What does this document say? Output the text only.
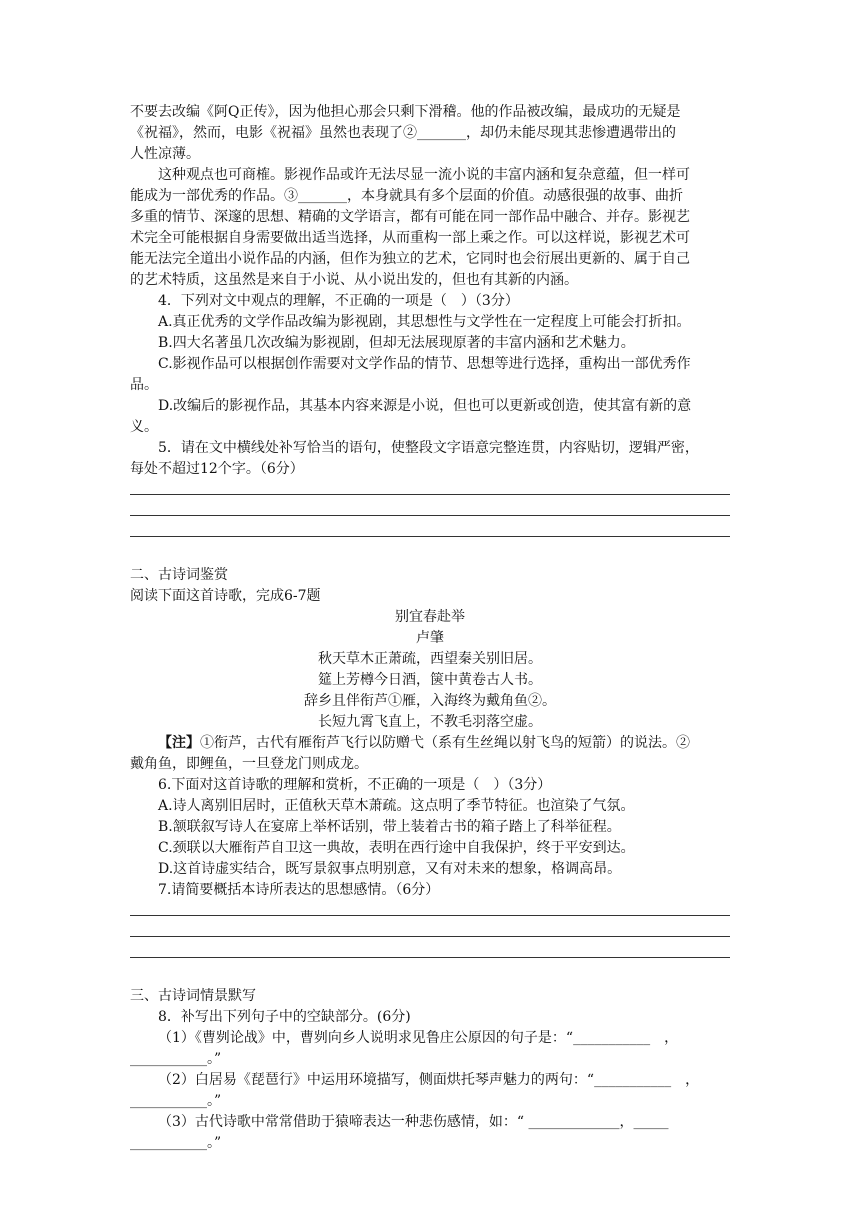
不要去改编《阿Q正传》，因为他担心那会只剩下滑稽。他的作品被改编，最成功的无疑是

《祝福》，然而，电影《祝福》虽然也表现了②_______，却仍未能尽现其悲惨遭遇带出的

人性凉薄。

这种观点也可商榷。影视作品或许无法尽显一流小说的丰富内涵和复杂意蕴，但一样可

能成为一部优秀的作品。③_______，本身就具有多个层面的价值。动感很强的故事、曲折

多重的情节、深邃的思想、精确的文学语言，都有可能在同一部作品中融合、并存。影视艺

术完全可能根据自身需要做出适当选择，从而重构一部上乘之作。可以这样说，影视艺术可

能无法完全道出小说作品的内涵，但作为独立的艺术，它同时也会衍展出更新的、属于自己

的艺术特质，这虽然是来自于小说、从小说出发的，但也有其新的内涵。

4．下列对文中观点的理解，不正确的一项是（　）（3分）

A.真正优秀的文学作品改编为影视剧，其思想性与文学性在一定程度上可能会打折扣。

B.四大名著虽几次改编为影视剧，但却无法展现原著的丰富内涵和艺术魅力。

C.影视作品可以根据创作需要对文学作品的情节、思想等进行选择，重构出一部优秀作

品。

D.改编后的影视作品，其基本内容来源是小说，但也可以更新或创造，使其富有新的意

义。

5．请在文中横线处补写恰当的语句，使整段文字语意完整连贯，内容贴切，逻辑严密，

每处不超过12个字。（6分）

二、古诗词鉴赏

阅读下面这首诗歌，完成6-7题

别宜春赴举

卢肇

秋天草木正萧疏，西望秦关别旧居。

筵上芳樽今日酒，箧中黄卷古人书。

辞乡且伴衔芦①雁，入海终为戴角鱼②。

长短九霄飞直上，不教毛羽落空虚。

【注】①衔芦，古代有雁衔芦飞行以防赠弋（系有生丝绳以射飞鸟的短箭）的说法。②

戴角鱼，即鲤鱼，一旦登龙门则成龙。

6.下面对这首诗歌的理解和赏析，不正确的一项是（　）（3分）

A.诗人离别旧居时，正值秋天草木萧疏。这点明了季节特征。也渲染了气氛。

B.颔联叙写诗人在宴席上举杯话别，带上装着古书的箱子踏上了科举征程。

C.颈联以大雁衔芦自卫这一典故，表明在西行途中自我保护，终于平安到达。

D.这首诗虚实结合，既写景叙事点明别意，又有对未来的想象，格调高昂。

7.请简要概括本诗所表达的思想感情。（6分）

三、古诗词情景默写

8．补写出下列句子中的空缺部分。(6分)

（1）《曹刿论战》中，曹刿向乡人说明求见鲁庄公原因的句子是：“___________　，

___________。”

（2）白居易《琵琶行》中运用环境描写，侧面烘托琴声魅力的两句：“___________　，

___________。”

（3）古代诗歌中常常借助于猿啼表达一种悲伤感情，如：“ _____________，_____

___________。”
